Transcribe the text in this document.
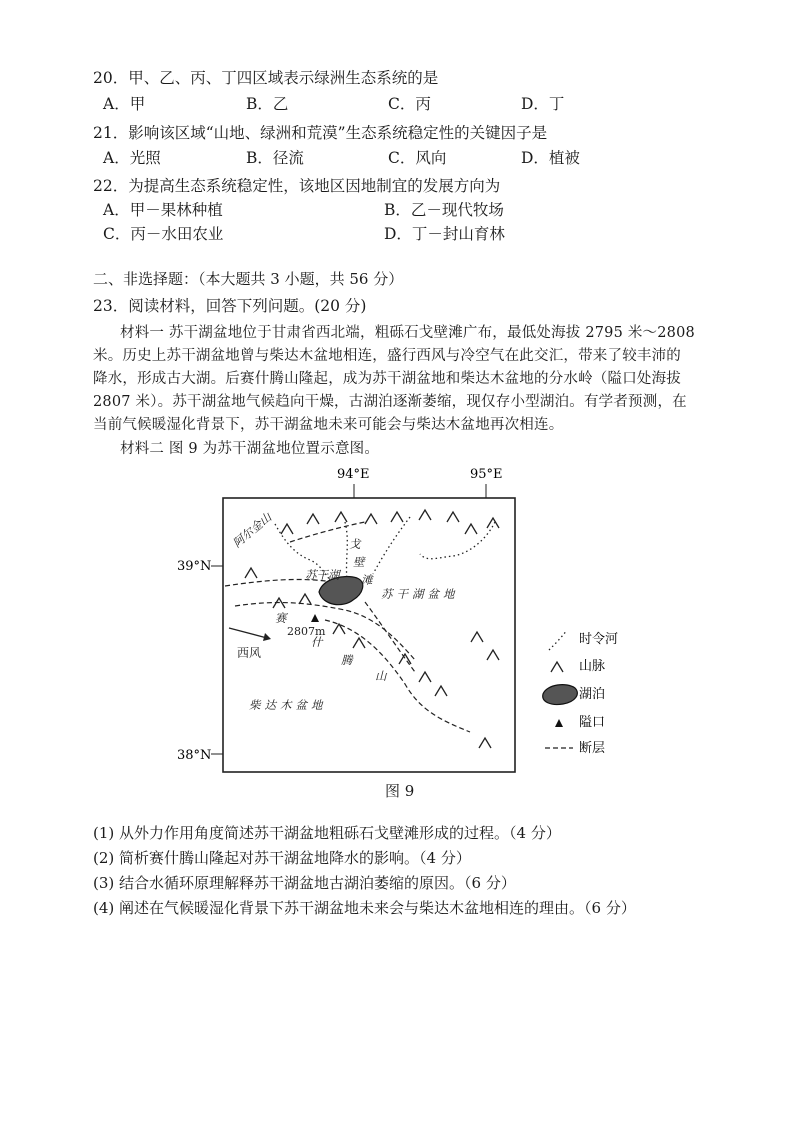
20．甲、乙、丙、丁四区域表示绿洲生态系统的是
A．甲	B．乙	C．丙	D．丁
21．影响该区域“山地、绿洲和荒漠”生态系统稳定性的关键因子是
A．光照	B．径流	C．风向	D．植被
22．为提高生态系统稳定性，该地区因地制宜的发展方向为
A．甲－果林种植	B．乙－现代牧场
C．丙－水田农业	D．丁－封山育林
二、非选择题：（本大题共 3 小题，共 56 分）
23．阅读材料，回答下列问题。(20 分)
材料一 苏干湖盆地位于甘肃省西北端，粗砾石戈壁滩广布，最低处海拔 2795 米～2808
米。历史上苏干湖盆地曾与柴达木盆地相连，盛行西风与冷空气在此交汇，带来了较丰沛的
降水，形成古大湖。后赛什腾山隆起，成为苏干湖盆地和柴达木盆地的分水岭（隘口处海拔
2807 米）。苏干湖盆地气候趋向干燥，古湖泊逐渐萎缩，现仅存小型湖泊。有学者预测，在
当前气候暖湿化背景下，苏干湖盆地未来可能会与柴达木盆地再次相连。
材料二 图 9 为苏干湖盆地位置示意图。
94°E	95°E
39°N
38°N
阿尔金山	戈
壁
滩
苏干湖
苏干湖盆地
赛
什
腾
山
柴达木盆地
2807m
西风
时令河
山脉
湖泊
隘口
断层
图 9
(1) 从外力作用角度简述苏干湖盆地粗砾石戈壁滩形成的过程。（4 分）
(2) 简析赛什腾山隆起对苏干湖盆地降水的影响。（4 分）
(3) 结合水循环原理解释苏干湖盆地古湖泊萎缩的原因。（6 分）
(4) 阐述在气候暖湿化背景下苏干湖盆地未来会与柴达木盆地相连的理由。（6 分）
